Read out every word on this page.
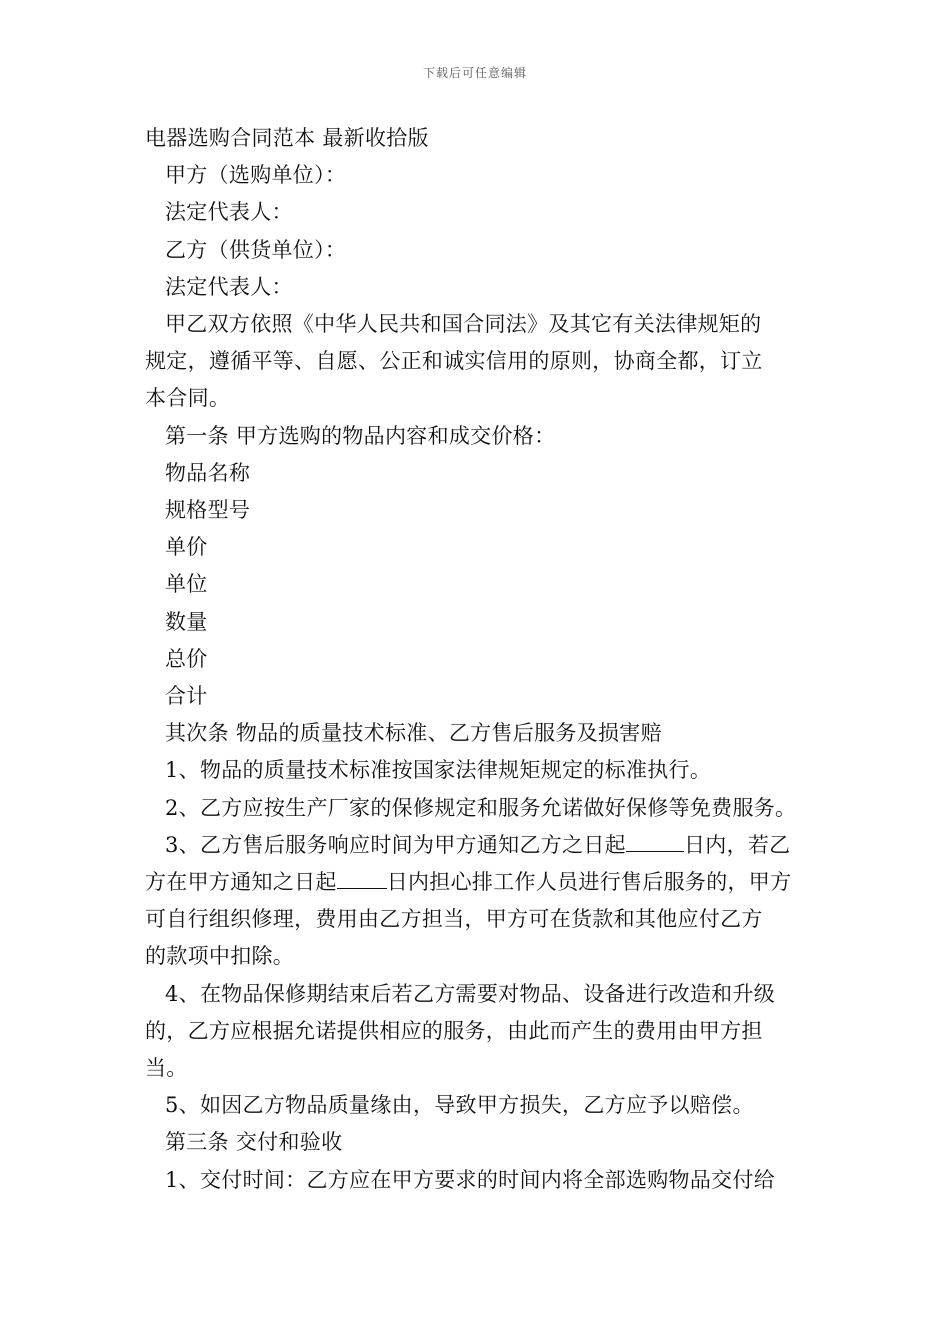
下载后可任意编辑
电器选购合同范本 最新收拾版
甲方（选购单位）：
法定代表人：
乙方（供货单位）：
法定代表人：
甲乙双方依照《中华人民共和国合同法》及其它有关法律规矩的
规定，遵循平等、自愿、公正和诚实信用的原则，协商全都，订立
本合同。
第一条 甲方选购的物品内容和成交价格：
物品名称
规格型号
单价
单位
数量
总价
合计
其次条 物品的质量技术标准、乙方售后服务及损害赔
1、物品的质量技术标准按国家法律规矩规定的标准执行。
2、乙方应按生产厂家的保修规定和服务允诺做好保修等免费服务。
3、乙方售后服务响应时间为甲方通知乙方之日起	日内，若乙
方在甲方通知之日起 日内担心排工作人员进行售后服务的，甲方
可自行组织修理，费用由乙方担当，甲方可在货款和其他应付乙方
的款项中扣除。
4、在物品保修期结束后若乙方需要对物品、设备进行改造和升级
的，乙方应根据允诺提供相应的服务，由此而产生的费用由甲方担
当。
5、如因乙方物品质量缘由，导致甲方损失，乙方应予以赔偿。
第三条 交付和验收
1、交付时间：乙方应在甲方要求的时间内将全部选购物品交付给
